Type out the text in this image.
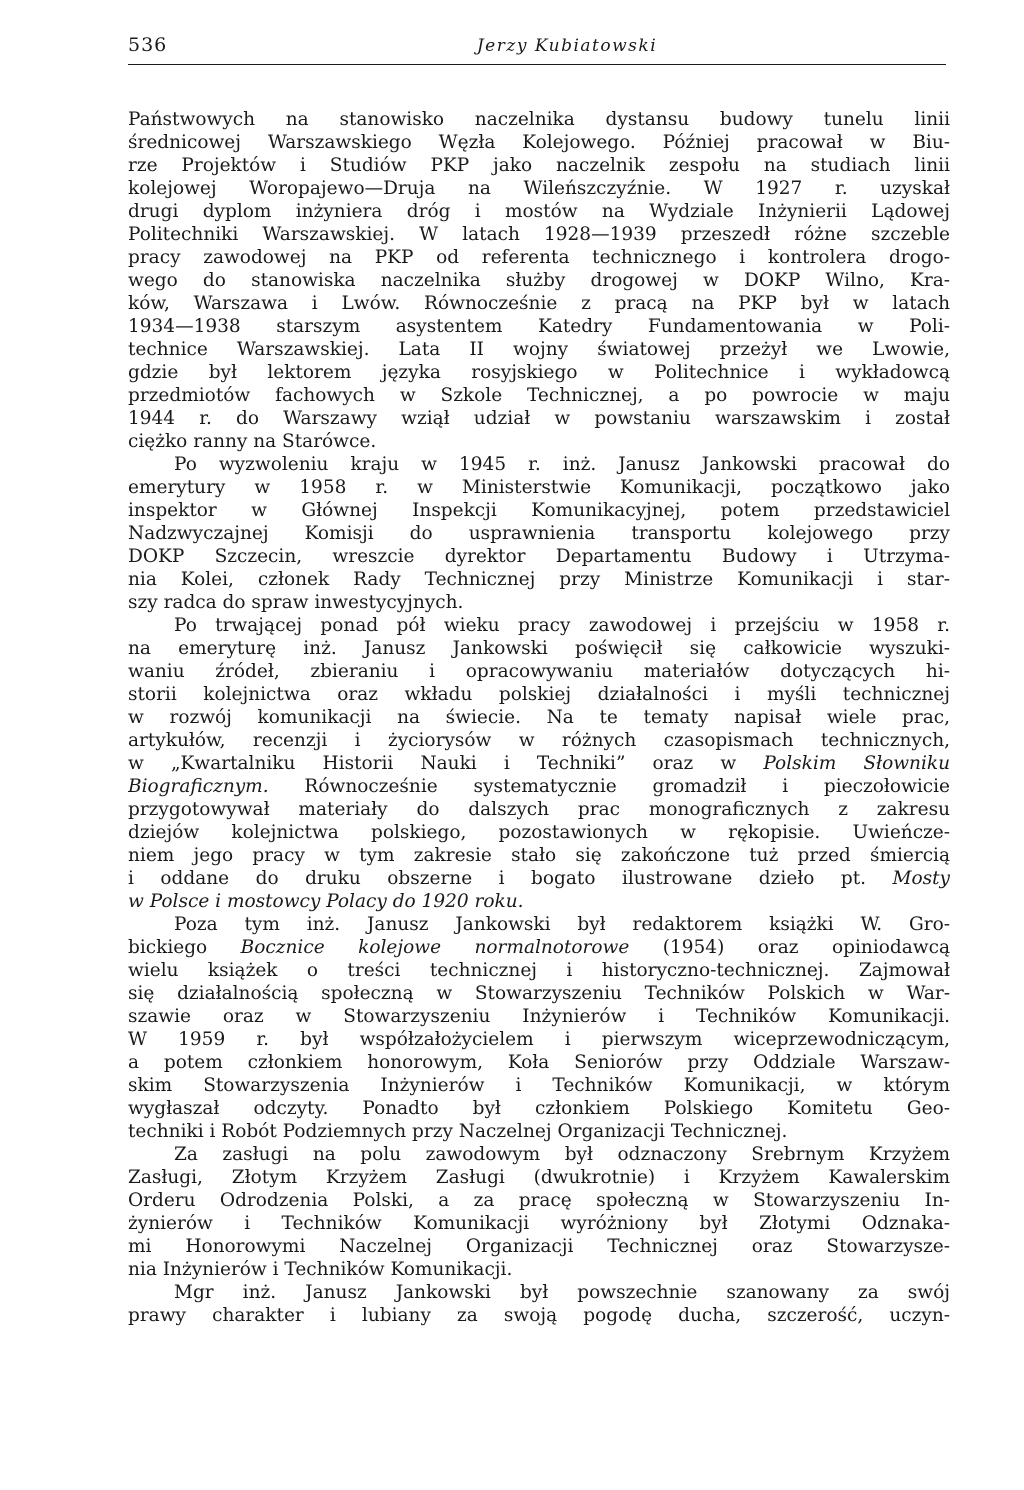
536	Jerzy Kubiatowski
Państwowych na stanowisko naczelnika dystansu budowy tunelu linii
średnicowej Warszawskiego Węzła Kolejowego. Później pracował w Biu-
rze Projektów i Studiów PKP jako naczelnik zespołu na studiach linii
kolejowej Woropajewo—Druja na Wileńszczyźnie. W 1927 r. uzyskał
drugi dyplom inżyniera dróg i mostów na Wydziale Inżynierii Lądowej
Politechniki Warszawskiej. W latach 1928—1939 przeszedł różne szczeble
pracy zawodowej na PKP od referenta technicznego i kontrolera drogo-
wego do stanowiska naczelnika służby drogowej w DOKP Wilno, Kra-
ków, Warszawa i Lwów. Równocześnie z pracą na PKP był w latach
1934—1938 starszym asystentem Katedry Fundamentowania w Poli-
technice Warszawskiej. Lata II wojny światowej przeżył we Lwowie,
gdzie był lektorem języka rosyjskiego w Politechnice i wykładowcą
przedmiotów fachowych w Szkole Technicznej, a po powrocie w maju
1944 r. do Warszawy wziął udział w powstaniu warszawskim i został
ciężko ranny na Starówce.
Po wyzwoleniu kraju w 1945 r. inż. Janusz Jankowski pracował do
emerytury w 1958 r. w Ministerstwie Komunikacji, początkowo jako
inspektor w Głównej Inspekcji Komunikacyjnej, potem przedstawiciel
Nadzwyczajnej Komisji do usprawnienia transportu kolejowego przy
DOKP Szczecin, wreszcie dyrektor Departamentu Budowy i Utrzyma-
nia Kolei, członek Rady Technicznej przy Ministrze Komunikacji i star-
szy radca do spraw inwestycyjnych.
Po trwającej ponad pół wieku pracy zawodowej i przejściu w 1958 r.
na emeryturę inż. Janusz Jankowski poświęcił się całkowicie wyszuki-
waniu źródeł, zbieraniu i opracowywaniu materiałów dotyczących hi-
storii kolejnictwa oraz wkładu polskiej działalności i myśli technicznej
w rozwój komunikacji na świecie. Na te tematy napisał wiele prac,
artykułów, recenzji i życiorysów w różnych czasopismach technicznych,
w „Kwartalniku Historii Nauki i Techniki” oraz w Polskim Słowniku
Biograficznym. Równocześnie systematycznie gromadził i pieczołowicie
przygotowywał materiały do dalszych prac monograficznych z zakresu
dziejów kolejnictwa polskiego, pozostawionych w rękopisie. Uwieńcze-
niem jego pracy w tym zakresie stało się zakończone tuż przed śmiercią
i oddane do druku obszerne i bogato ilustrowane dzieło pt. Mosty
w Polsce i mostowcy Polacy do 1920 roku.
Poza tym inż. Janusz Jankowski był redaktorem książki W. Gro-
bickiego Bocznice kolejowe normalnotorowe (1954) oraz opiniodawcą
wielu książek o treści technicznej i historyczno-technicznej. Zajmował
się działalnością społeczną w Stowarzyszeniu Techników Polskich w War-
szawie oraz w Stowarzyszeniu Inżynierów i Techników Komunikacji.
W 1959 r. był współzałożycielem i pierwszym wiceprzewodniczącym,
a potem członkiem honorowym, Koła Seniorów przy Oddziale Warszaw-
skim Stowarzyszenia Inżynierów i Techników Komunikacji, w którym
wygłaszał odczyty. Ponadto był członkiem Polskiego Komitetu Geo-
techniki i Robót Podziemnych przy Naczelnej Organizacji Technicznej.
Za zasługi na polu zawodowym był odznaczony Srebrnym Krzyżem
Zasługi, Złotym Krzyżem Zasługi (dwukrotnie) i Krzyżem Kawalerskim
Orderu Odrodzenia Polski, a za pracę społeczną w Stowarzyszeniu In-
żynierów i Techników Komunikacji wyróżniony był Złotymi Odznaka-
mi Honorowymi Naczelnej Organizacji Technicznej oraz Stowarzysze-
nia Inżynierów i Techników Komunikacji.
Mgr inż. Janusz Jankowski był powszechnie szanowany za swój
prawy charakter i lubiany za swoją pogodę ducha, szczerość, uczyn-
